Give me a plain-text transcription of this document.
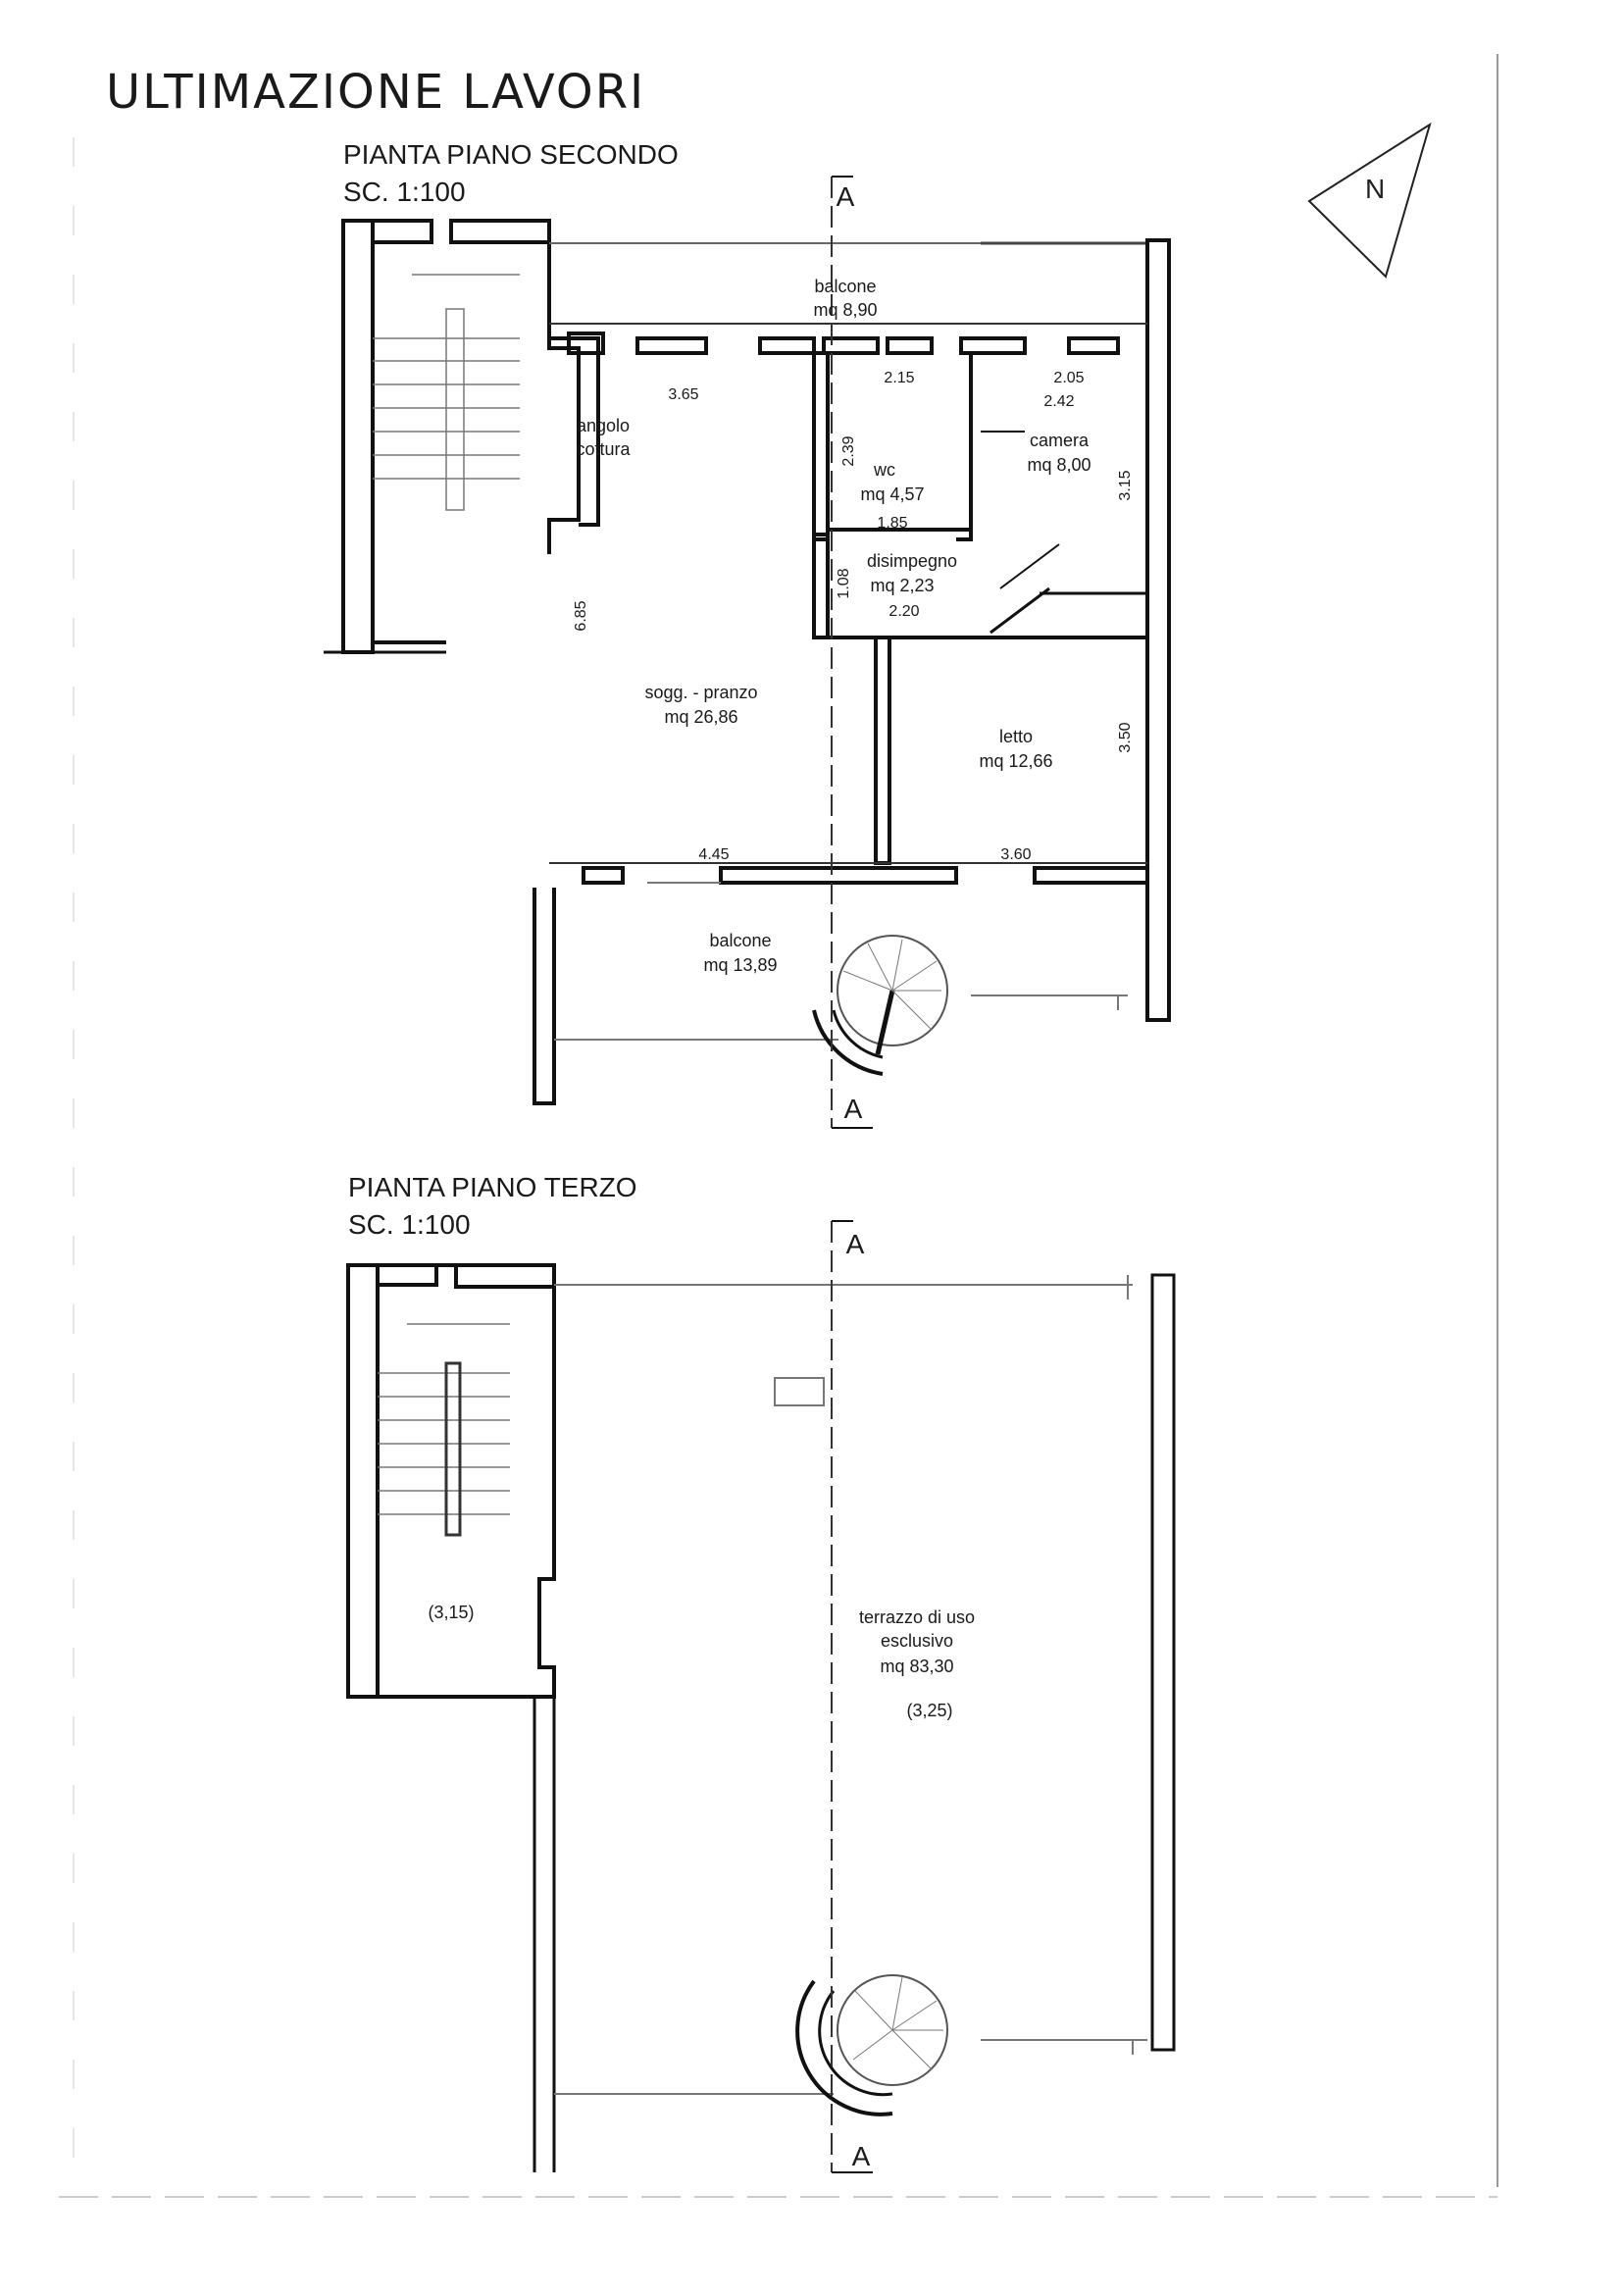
ULTIMAZIONE LAVORI
N
PIANTA PIANO SECONDO
SC. 1:100	A
A
balcone
mq 8,90
angolo cottura
wc
mq 4,57
camera
mq 8,00
disimpegno
mq 2,23
sogg. - pranzo
mq 26,86
letto
mq 12,66
balcone
mq 13,89
3.65
2.15	2.05
2.42
2.39
1.85
3.15
1.08
2.20
6.85
3.50
4.45	3.60
PIANTA PIANO TERZO
SC. 1:100
A
A
(3,15)	terrazzo di uso esclusivo
mq 83,30
(3,25)
